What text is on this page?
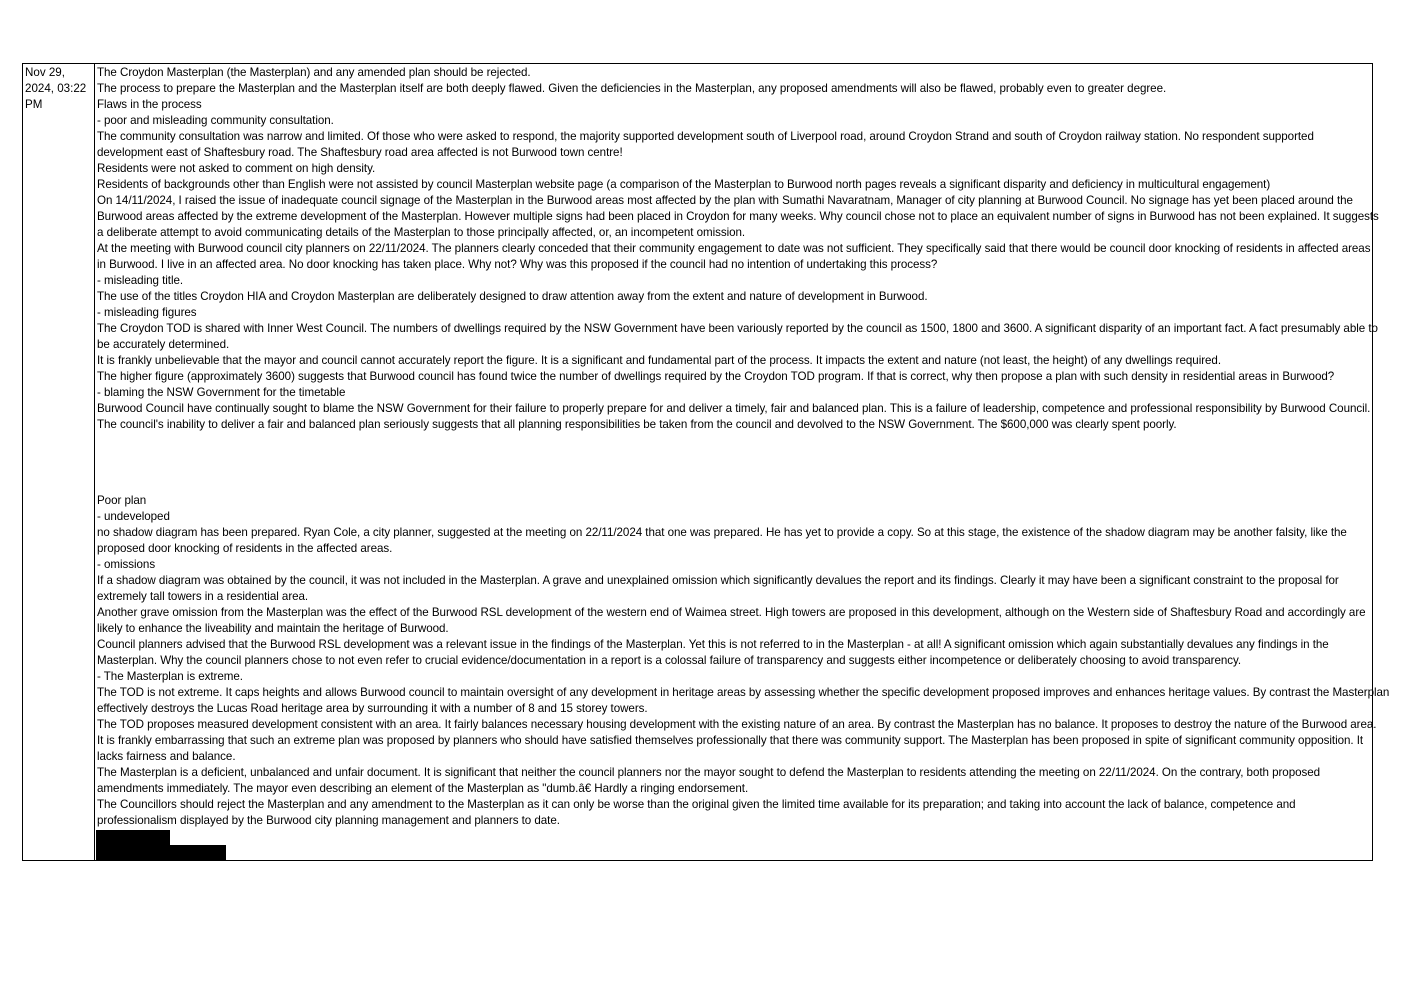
Nov 29,
2024, 03:22
PM
The Croydon Masterplan (the Masterplan) and any amended plan should be rejected.
The process to prepare the Masterplan and the Masterplan itself are both deeply flawed. Given the deficiencies in the Masterplan, any proposed amendments will also be flawed, probably even to greater degree.
Flaws in the process
- poor and misleading community consultation.
The community consultation was narrow and limited. Of those who were asked to respond, the majority supported development south of Liverpool road, around Croydon Strand and south of Croydon railway station. No respondent supported
development east of Shaftesbury road. The Shaftesbury road area affected is not Burwood town centre!
Residents were not asked to comment on high density.
Residents of backgrounds other than English were not assisted by council Masterplan website page (a comparison of the Masterplan to Burwood north pages reveals a significant disparity and deficiency in multicultural engagement)
On 14/11/2024, I raised the issue of inadequate council signage of the Masterplan in the Burwood areas most affected by the plan with Sumathi Navaratnam, Manager of city planning at Burwood Council. No signage has yet been placed around the
Burwood areas affected by the extreme development of the Masterplan. However multiple signs had been placed in Croydon for many weeks. Why council chose not to place an equivalent number of signs in Burwood has not been explained. It suggests
a deliberate attempt to avoid communicating details of the Masterplan to those principally affected, or, an incompetent omission.
At the meeting with Burwood council city planners on 22/11/2024. The planners clearly conceded that their community engagement to date was not sufficient. They specifically said that there would be council door knocking of residents in affected areas
in Burwood. I live in an affected area. No door knocking has taken place. Why not? Why was this proposed if the council had no intention of undertaking this process?
- misleading title.
The use of the titles Croydon HIA and Croydon Masterplan are deliberately designed to draw attention away from the extent and nature of development in Burwood.
- misleading figures
The Croydon TOD is shared with Inner West Council. The numbers of dwellings required by the NSW Government have been variously reported by the council as 1500, 1800 and 3600. A significant disparity of an important fact. A fact presumably able to
be accurately determined.
It is frankly unbelievable that the mayor and council cannot accurately report the figure. It is a significant and fundamental part of the process. It impacts the extent and nature (not least, the height) of any dwellings required.
The higher figure (approximately 3600) suggests that Burwood council has found twice the number of dwellings required by the Croydon TOD program. If that is correct, why then propose a plan with such density in residential areas in Burwood?
- blaming the NSW Government for the timetable
Burwood Council have continually sought to blame the NSW Government for their failure to properly prepare for and deliver a timely, fair and balanced plan. This is a failure of leadership, competence and professional responsibility by Burwood Council.
The council's inability to deliver a fair and balanced plan seriously suggests that all planning responsibilities be taken from the council and devolved to the NSW Government. The $600,000 was clearly spent poorly.
Poor plan
- undeveloped
no shadow diagram has been prepared. Ryan Cole, a city planner, suggested at the meeting on 22/11/2024 that one was prepared. He has yet to provide a copy. So at this stage, the existence of the shadow diagram may be another falsity, like the
proposed door knocking of residents in the affected areas.
- omissions
If a shadow diagram was obtained by the council, it was not included in the Masterplan. A grave and unexplained omission which significantly devalues the report and its findings. Clearly it may have been a significant constraint to the proposal for
extremely tall towers in a residential area.
Another grave omission from the Masterplan was the effect of the Burwood RSL development of the western end of Waimea street. High towers are proposed in this development, although on the Western side of Shaftesbury Road and accordingly are
likely to enhance the liveability and maintain the heritage of Burwood.
Council planners advised that the Burwood RSL development was a relevant issue in the findings of the Masterplan. Yet this is not referred to in the Masterplan - at all! A significant omission which again substantially devalues any findings in the
Masterplan. Why the council planners chose to not even refer to crucial evidence/documentation in a report is a colossal failure of transparency and suggests either incompetence or deliberately choosing to avoid transparency.
- The Masterplan is extreme.
The TOD is not extreme. It caps heights and allows Burwood council to maintain oversight of any development in heritage areas by assessing whether the specific development proposed improves and enhances heritage values. By contrast the Masterplan
effectively destroys the Lucas Road heritage area by surrounding it with a number of 8 and 15 storey towers.
The TOD proposes measured development consistent with an area. It fairly balances necessary housing development with the existing nature of an area. By contrast the Masterplan has no balance. It proposes to destroy the nature of the Burwood area.
It is frankly embarrassing that such an extreme plan was proposed by planners who should have satisfied themselves professionally that there was community support. The Masterplan has been proposed in spite of significant community opposition. It
lacks fairness and balance.
The Masterplan is a deficient, unbalanced and unfair document. It is significant that neither the council planners nor the mayor sought to defend the Masterplan to residents attending the meeting on 22/11/2024. On the contrary, both proposed
amendments immediately. The mayor even describing an element of the Masterplan as "dumb.â€ Hardly a ringing endorsement.
The Councillors should reject the Masterplan and any amendment to the Masterplan as it can only be worse than the original given the limited time available for its preparation; and taking into account the lack of balance, competence and
professionalism displayed by the Burwood city planning management and planners to date.
